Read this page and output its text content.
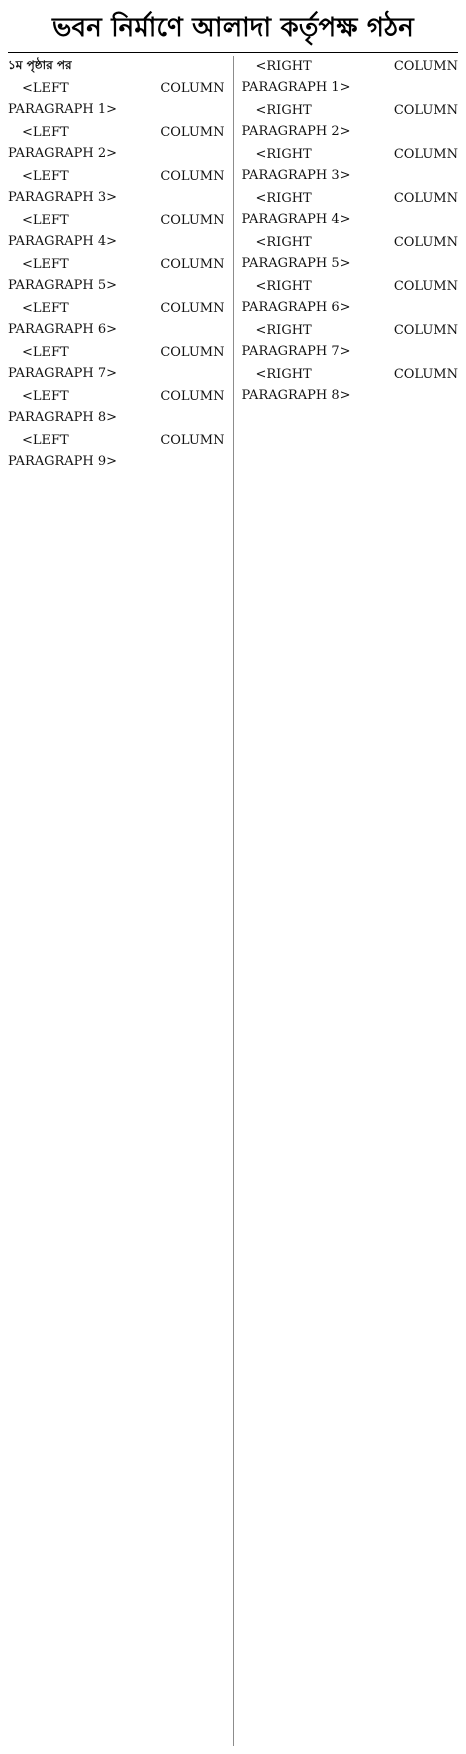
ভবন নির্মাণে আলাদা কর্তৃপক্ষ গঠন
১ম পৃষ্ঠার পর

<LEFT COLUMN PARAGRAPH 1>

<LEFT COLUMN PARAGRAPH 2>

<LEFT COLUMN PARAGRAPH 3>

<LEFT COLUMN PARAGRAPH 4>

<LEFT COLUMN PARAGRAPH 5>

<LEFT COLUMN PARAGRAPH 6>

<LEFT COLUMN PARAGRAPH 7>

<LEFT COLUMN PARAGRAPH 8>

<LEFT COLUMN PARAGRAPH 9>

<RIGHT COLUMN PARAGRAPH 1>

<RIGHT COLUMN PARAGRAPH 2>

<RIGHT COLUMN PARAGRAPH 3>

<RIGHT COLUMN PARAGRAPH 4>

<RIGHT COLUMN PARAGRAPH 5>

<RIGHT COLUMN PARAGRAPH 6>

<RIGHT COLUMN PARAGRAPH 7>

<RIGHT COLUMN PARAGRAPH 8>
